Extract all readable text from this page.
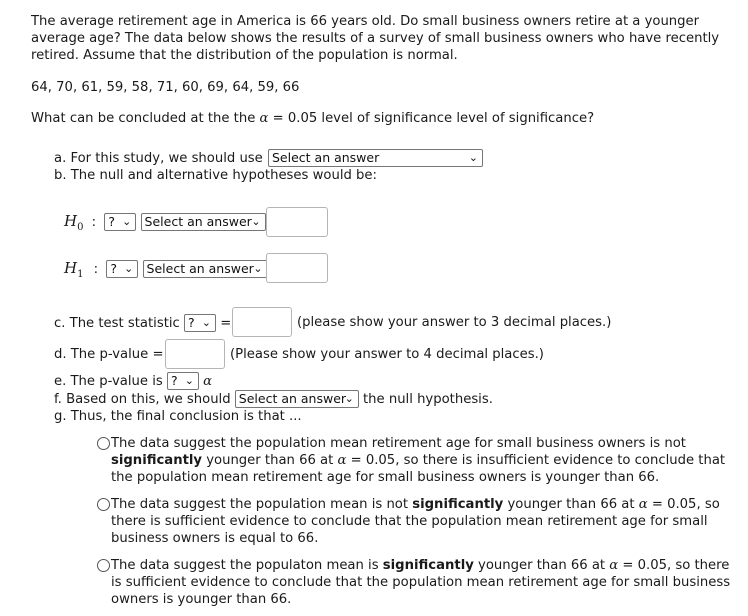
The average retirement age in America is 66 years old. Do small business owners retire at a younger average age? The data below shows the results of a survey of small business owners who have recently retired. Assume that the distribution of the population is normal.
64, 70, 61, 59, 58, 71, 60, 69, 64, 59, 66
What can be concluded at the the α = 0.05 level of significance level of significance?
a. For this study, we should use Select an answer	⌄
b. The null and alternative hypotheses would be:
$H_0$ : ? ⌄ Select an answer ⌄
$H_1$ : ? ⌄ Select an answer ⌄
c. The test statistic ? ⌄ =	(please show your answer to 3 decimal places.)
d. The p-value =	(Please show your answer to 4 decimal places.)
e. The p-value is ? ⌄ α
f. Based on this, we should Select an answer
⌄ the null hypothesis.
g. Thus, the final conclusion is that ...
The data suggest the population mean retirement age for small business owners is not significantly younger than 66 at α = 0.05, so there is insufficient evidence to conclude that the population mean retirement age for small business owners is younger than 66.
The data suggest the population mean is not significantly younger than 66 at α = 0.05, so there is sufficient evidence to conclude that the population mean retirement age for small business owners is equal to 66.
The data suggest the populaton mean is significantly younger than 66 at α = 0.05, so there is sufficient evidence to conclude that the population mean retirement age for small business owners is younger than 66.
